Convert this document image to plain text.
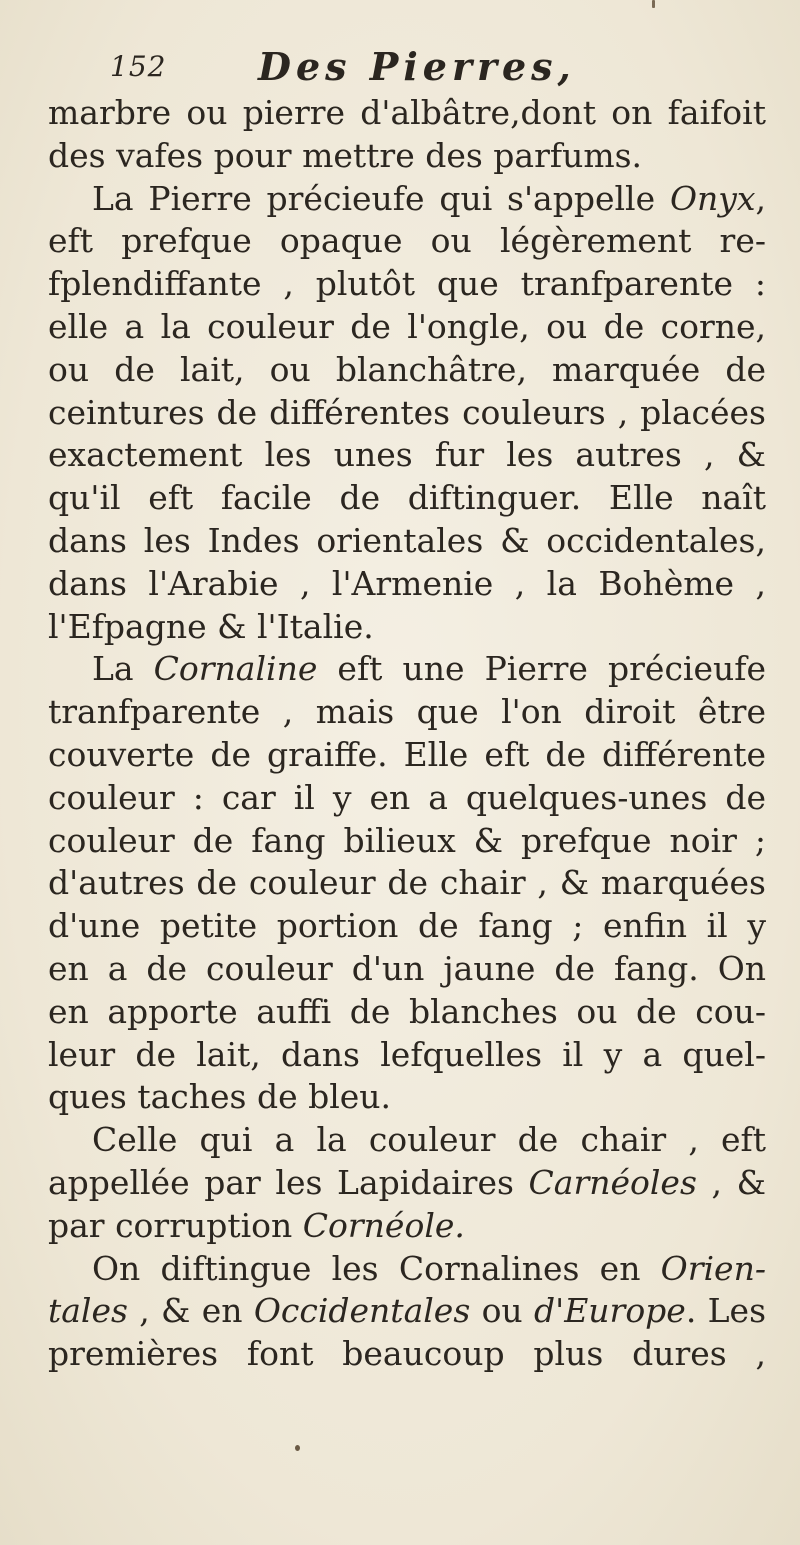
152 Des Pierres,
marbre ou pierre d'albâtre,dont on faifoit
des vafes pour mettre des parfums.
La Pierre précieufe qui s'appelle Onyx,
eft prefque opaque ou légèrement re-
fplendiffante , plutôt que tranfparente :
elle a la couleur de l'ongle, ou de corne,
ou de lait, ou blanchâtre, marquée de
ceintures de différentes couleurs , placées
exactement les unes fur les autres , &
qu'il eft facile de diftinguer. Elle naît
dans les Indes orientales & occidentales,
dans l'Arabie , l'Armenie , la Bohème ,
l'Efpagne & l'Italie.
La Cornaline eft une Pierre précieufe
tranfparente , mais que l'on diroit être
couverte de graiffe. Elle eft de différente
couleur : car il y en a quelques-unes de
couleur de fang bilieux & prefque noir ;
d'autres de couleur de chair , & marquées
d'une petite portion de fang ; enfin il y
en a de couleur d'un jaune de fang. On
en apporte auffi de blanches ou de cou-
leur de lait, dans lefquelles il y a quel-
ques taches de bleu.
Celle qui a la couleur de chair , eft
appellée par les Lapidaires Carnéoles , &
par corruption Cornéole.
On diftingue les Cornalines en Orien-
tales , & en Occidentales ou d'Europe. Les
premières font beaucoup plus dures ,
